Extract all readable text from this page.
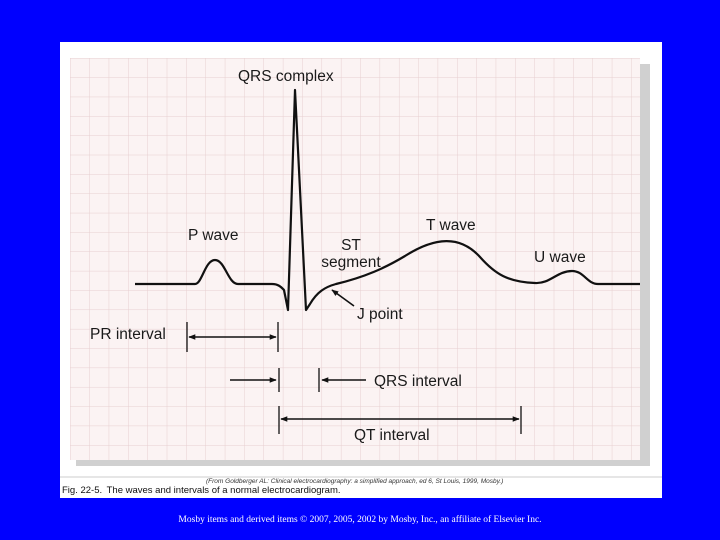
QRS complex
P wave
ST
segment
T wave
U wave
J point
PR interval
QRS interval
QT interval
(From Goldberger AL: Clinical electrocardiography: a simplified approach, ed 6, St Louis, 1999, Mosby.)
Fig. 22-5. The waves and intervals of a normal electrocardiogram.
Mosby items and derived items © 2007, 2005, 2002 by Mosby, Inc., an affiliate of Elsevier Inc.
